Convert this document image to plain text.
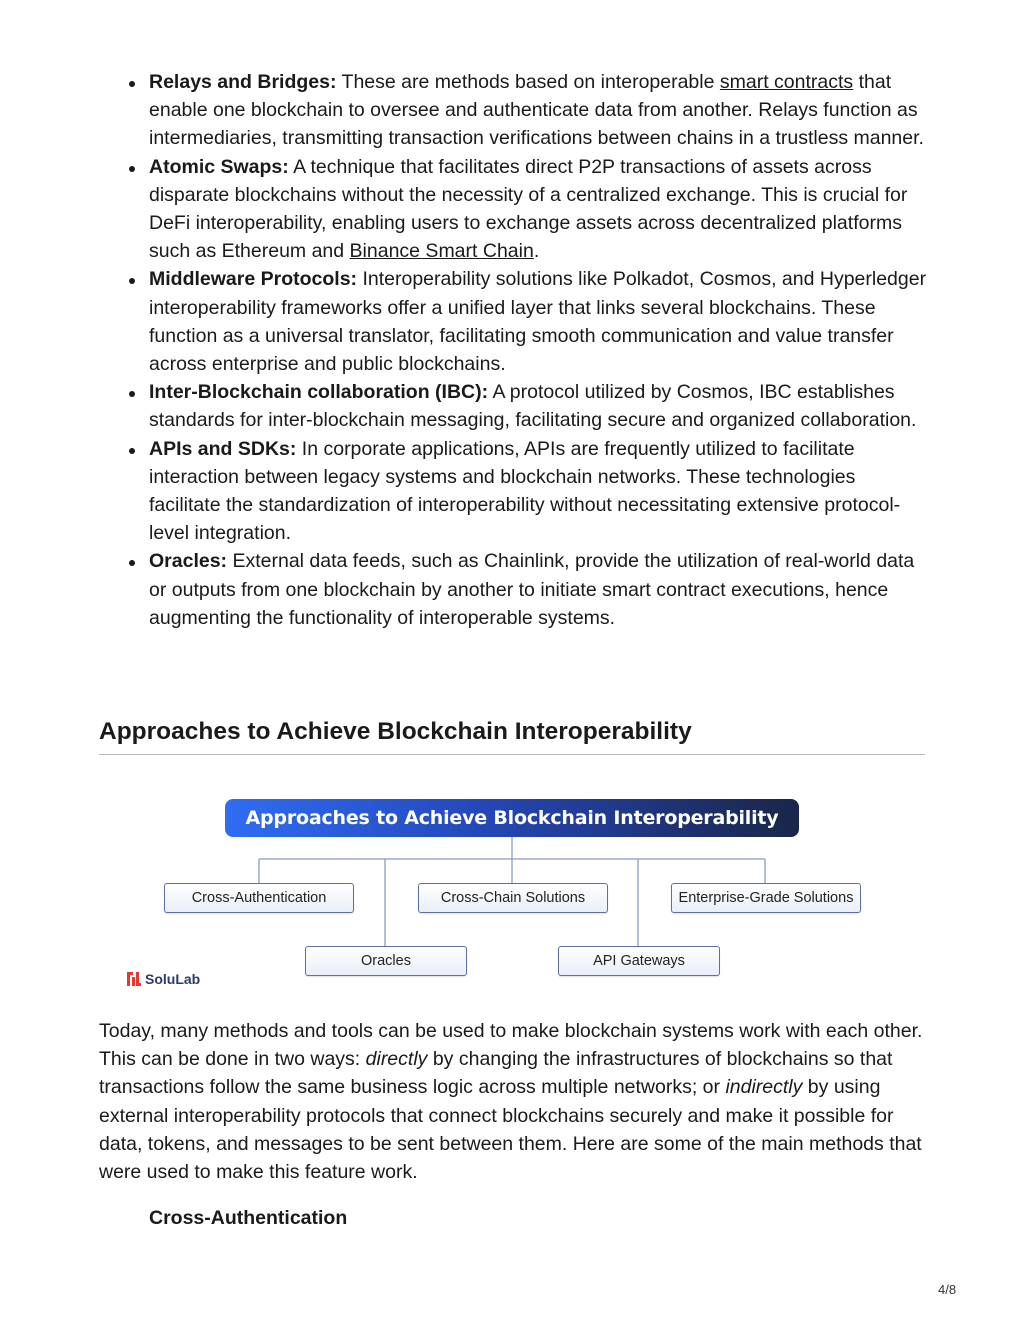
Relays and Bridges: These are methods based on interoperable smart contracts that enable one blockchain to oversee and authenticate data from another. Relays function as intermediaries, transmitting transaction verifications between chains in a trustless manner.
Atomic Swaps: A technique that facilitates direct P2P transactions of assets across disparate blockchains without the necessity of a centralized exchange. This is crucial for DeFi interoperability, enabling users to exchange assets across decentralized platforms such as Ethereum and Binance Smart Chain.
Middleware Protocols: Interoperability solutions like Polkadot, Cosmos, and Hyperledger interoperability frameworks offer a unified layer that links several blockchains. These function as a universal translator, facilitating smooth communication and value transfer across enterprise and public blockchains.
Inter-Blockchain collaboration (IBC): A protocol utilized by Cosmos, IBC establishes standards for inter-blockchain messaging, facilitating secure and organized collaboration.
APIs and SDKs: In corporate applications, APIs are frequently utilized to facilitate interaction between legacy systems and blockchain networks. These technologies facilitate the standardization of interoperability without necessitating extensive protocol-level integration.
Oracles: External data feeds, such as Chainlink, provide the utilization of real-world data or outputs from one blockchain by another to initiate smart contract executions, hence augmenting the functionality of interoperable systems.
Approaches to Achieve Blockchain Interoperability
Approaches to Achieve Blockchain Interoperability
Cross-Authentication
Oracles
Cross-Chain Solutions
API Gateways
Enterprise-Grade Solutions
SoluLab

Today, many methods and tools can be used to make blockchain systems work with each other. This can be done in two ways: directly by changing the infrastructures of blockchains so that transactions follow the same business logic across multiple networks; or indirectly by using external interoperability protocols that connect blockchains securely and make it possible for data, tokens, and messages to be sent between them. Here are some of the main methods that were used to make this feature work.

Cross-Authentication
4/8
